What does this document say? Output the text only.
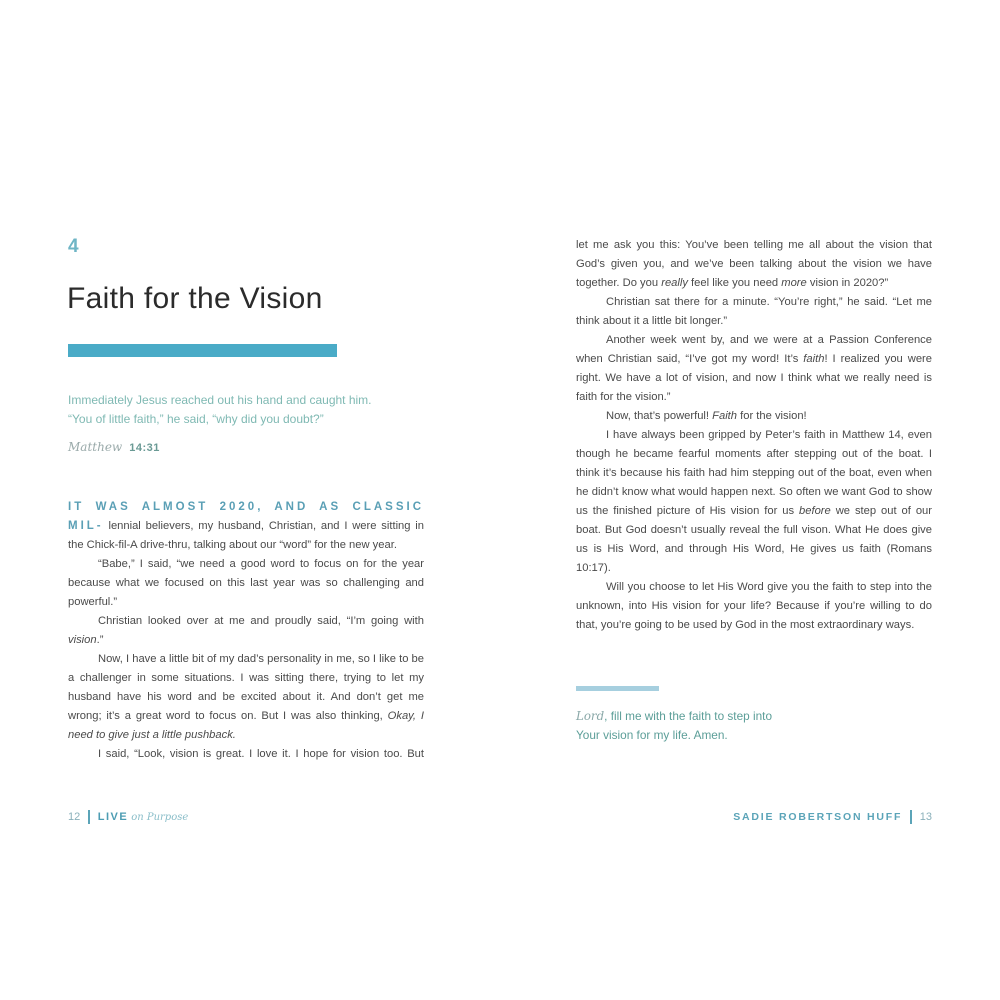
4
Faith for the Vision
Immediately Jesus reached out his hand and caught him.
“You of little faith,” he said, “why did you doubt?”
Matthew 14:31

IT WAS ALMOST 2020, AND AS CLASSIC MIL- lennial believers, my husband, Christian, and I were sitting in the Chick-fil-A drive-thru, talking about our “word” for the new year.

“Babe,” I said, “we need a good word to focus on for the year because what we focused on this last year was so challenging and powerful.”

Christian looked over at me and proudly said, “I’m going with vision.”

Now, I have a little bit of my dad’s personality in me, so I like to be a challenger in some situations. I was sitting there, trying to let my husband have his word and be excited about it. And don’t get me wrong; it’s a great word to focus on. But I was also thinking, Okay, I need to give just a little pushback.

I said, “Look, vision is great. I love it. I hope for vision too. But

12 LIVE on Purpose

let me ask you this: You’ve been telling me all about the vision that God’s given you, and we’ve been talking about the vision we have together. Do you really feel like you need more vision in 2020?”

Christian sat there for a minute. “You’re right,” he said. “Let me think about it a little bit longer.”

Another week went by, and we were at a Passion Conference when Christian said, “I’ve got my word! It’s faith! I realized you were right. We have a lot of vision, and now I think what we really need is faith for the vision.”

Now, that’s powerful! Faith for the vision!

I have always been gripped by Peter’s faith in Matthew 14, even though he became fearful moments after stepping out of the boat. I think it’s because his faith had him stepping out of the boat, even when he didn’t know what would happen next. So often we want God to show us the finished picture of His vision for us before we step out of our boat. But God doesn’t usually reveal the full vison. What He does give us is His Word, and through His Word, He gives us faith (Romans 10:17).

Will you choose to let His Word give you the faith to step into the unknown, into His vision for your life? Because if you’re willing to do that, you’re going to be used by God in the most extraordinary ways.

Lord, fill me with the faith to step into
Your vision for my life. Amen.
SADIE ROBERTSON HUFF 13
